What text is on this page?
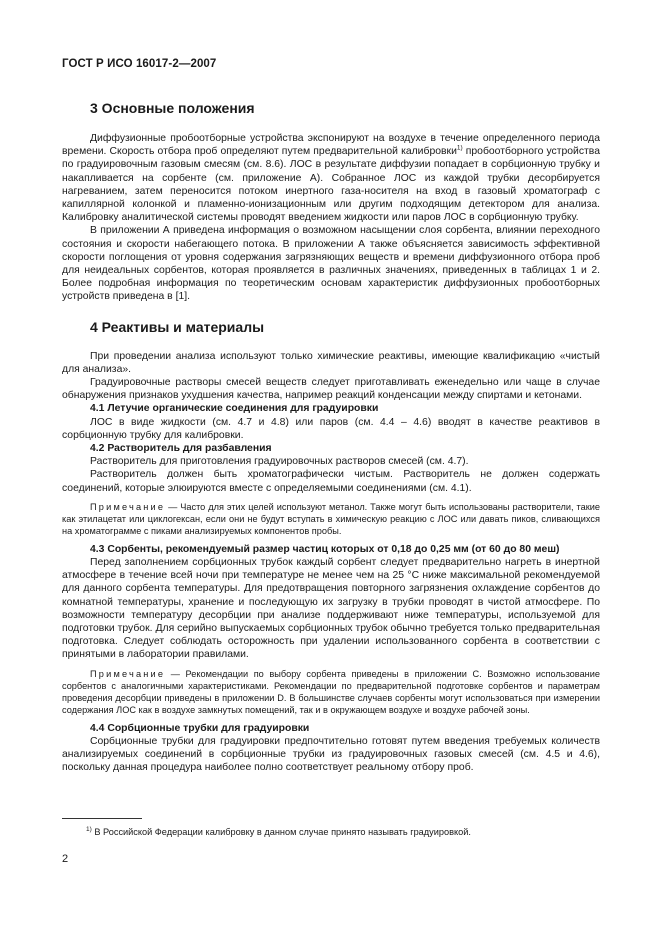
ГОСТ Р ИСО 16017-2—2007
3 Основные положения

Диффузионные пробоотборные устройства экспонируют на воздухе в течение определенного периода времени. Скорость отбора проб определяют путем предварительной калибровки$^{1)}$ пробоотборного устройства по градуировочным газовым смесям (см. 8.6). ЛОС в результате диффузии попадает в сорбционную трубку и накапливается на сорбенте (см. приложение А). Собранное ЛОС из каждой трубки десорбируется нагреванием, затем переносится потоком инертного газа-носителя на вход в газовый хроматограф с капиллярной колонкой и пламенно-ионизационным или другим подходящим детектором для анализа. Калибровку аналитической системы проводят введением жидкости или паров ЛОС в сорбционную трубку.

В приложении А приведена информация о возможном насыщении слоя сорбента, влиянии переходного состояния и скорости набегающего потока. В приложении А также объясняется зависимость эффективной скорости поглощения от уровня содержания загрязняющих веществ и времени диффузионного отбора проб для неидеальных сорбентов, которая проявляется в различных значениях, приведенных в таблицах 1 и 2. Более подробная информация по теоретическим основам характеристик диффузионных пробоотборных устройств приведена в [1].

4 Реактивы и материалы

При проведении анализа используют только химические реактивы, имеющие квалификацию «чистый для анализа».

Градуировочные растворы смесей веществ следует приготавливать еженедельно или чаще в случае обнаружения признаков ухудшения качества, например реакций конденсации между спиртами и кетонами.

4.1 Летучие органические соединения для градуировки

ЛОС в виде жидкости (см. 4.7 и 4.8) или паров (см. 4.4 – 4.6) вводят в качестве реактивов в сорбционную трубку для калибровки.

4.2 Растворитель для разбавления

Растворитель для приготовления градуировочных растворов смесей (см. 4.7).

Растворитель должен быть хроматографически чистым. Растворитель не должен содержать соединений, которые элюируются вместе с определяемыми соединениями (см. 4.1).

Примечание — Часто для этих целей используют метанол. Также могут быть использованы растворители, такие как этилацетат или циклогексан, если они не будут вступать в химическую реакцию с ЛОС или давать пиков, сливающихся на хроматограмме с пиками анализируемых компонентов пробы.

4.3 Сорбенты, рекомендуемый размер частиц которых от 0,18 до 0,25 мм (от 60 до 80 меш)

Перед заполнением сорбционных трубок каждый сорбент следует предварительно нагреть в инертной атмосфере в течение всей ночи при температуре не менее чем на 25 °С ниже максимальной рекомендуемой для данного сорбента температуры. Для предотвращения повторного загрязнения охлаждение сорбентов до комнатной температуры, хранение и последующую их загрузку в трубки проводят в чистой атмосфере. По возможности температуру десорбции при анализе поддерживают ниже температуры, используемой для подготовки трубок. Для серийно выпускаемых сорбционных трубок обычно требуется только предварительная подготовка. Следует соблюдать осторожность при удалении использованного сорбента в соответствии с принятыми в лаборатории правилами.

Примечание — Рекомендации по выбору сорбента приведены в приложении С. Возможно использование сорбентов с аналогичными характеристиками. Рекомендации по предварительной подготовке сорбентов и параметрам проведения десорбции приведены в приложении D. В большинстве случаев сорбенты могут использоваться при измерении содержания ЛОС как в воздухе замкнутых помещений, так и в окружающем воздухе и воздухе рабочей зоны.

4.4 Сорбционные трубки для градуировки

Сорбционные трубки для градуировки предпочтительно готовят путем введения требуемых количеств анализируемых соединений в сорбционные трубки из градуировочных газовых смесей (см. 4.5 и 4.6), поскольку данная процедура наиболее полно соответствует реальному отбору проб.

$^{1)}$ В Российской Федерации калибровку в данном случае принято называть градуировкой.
2
